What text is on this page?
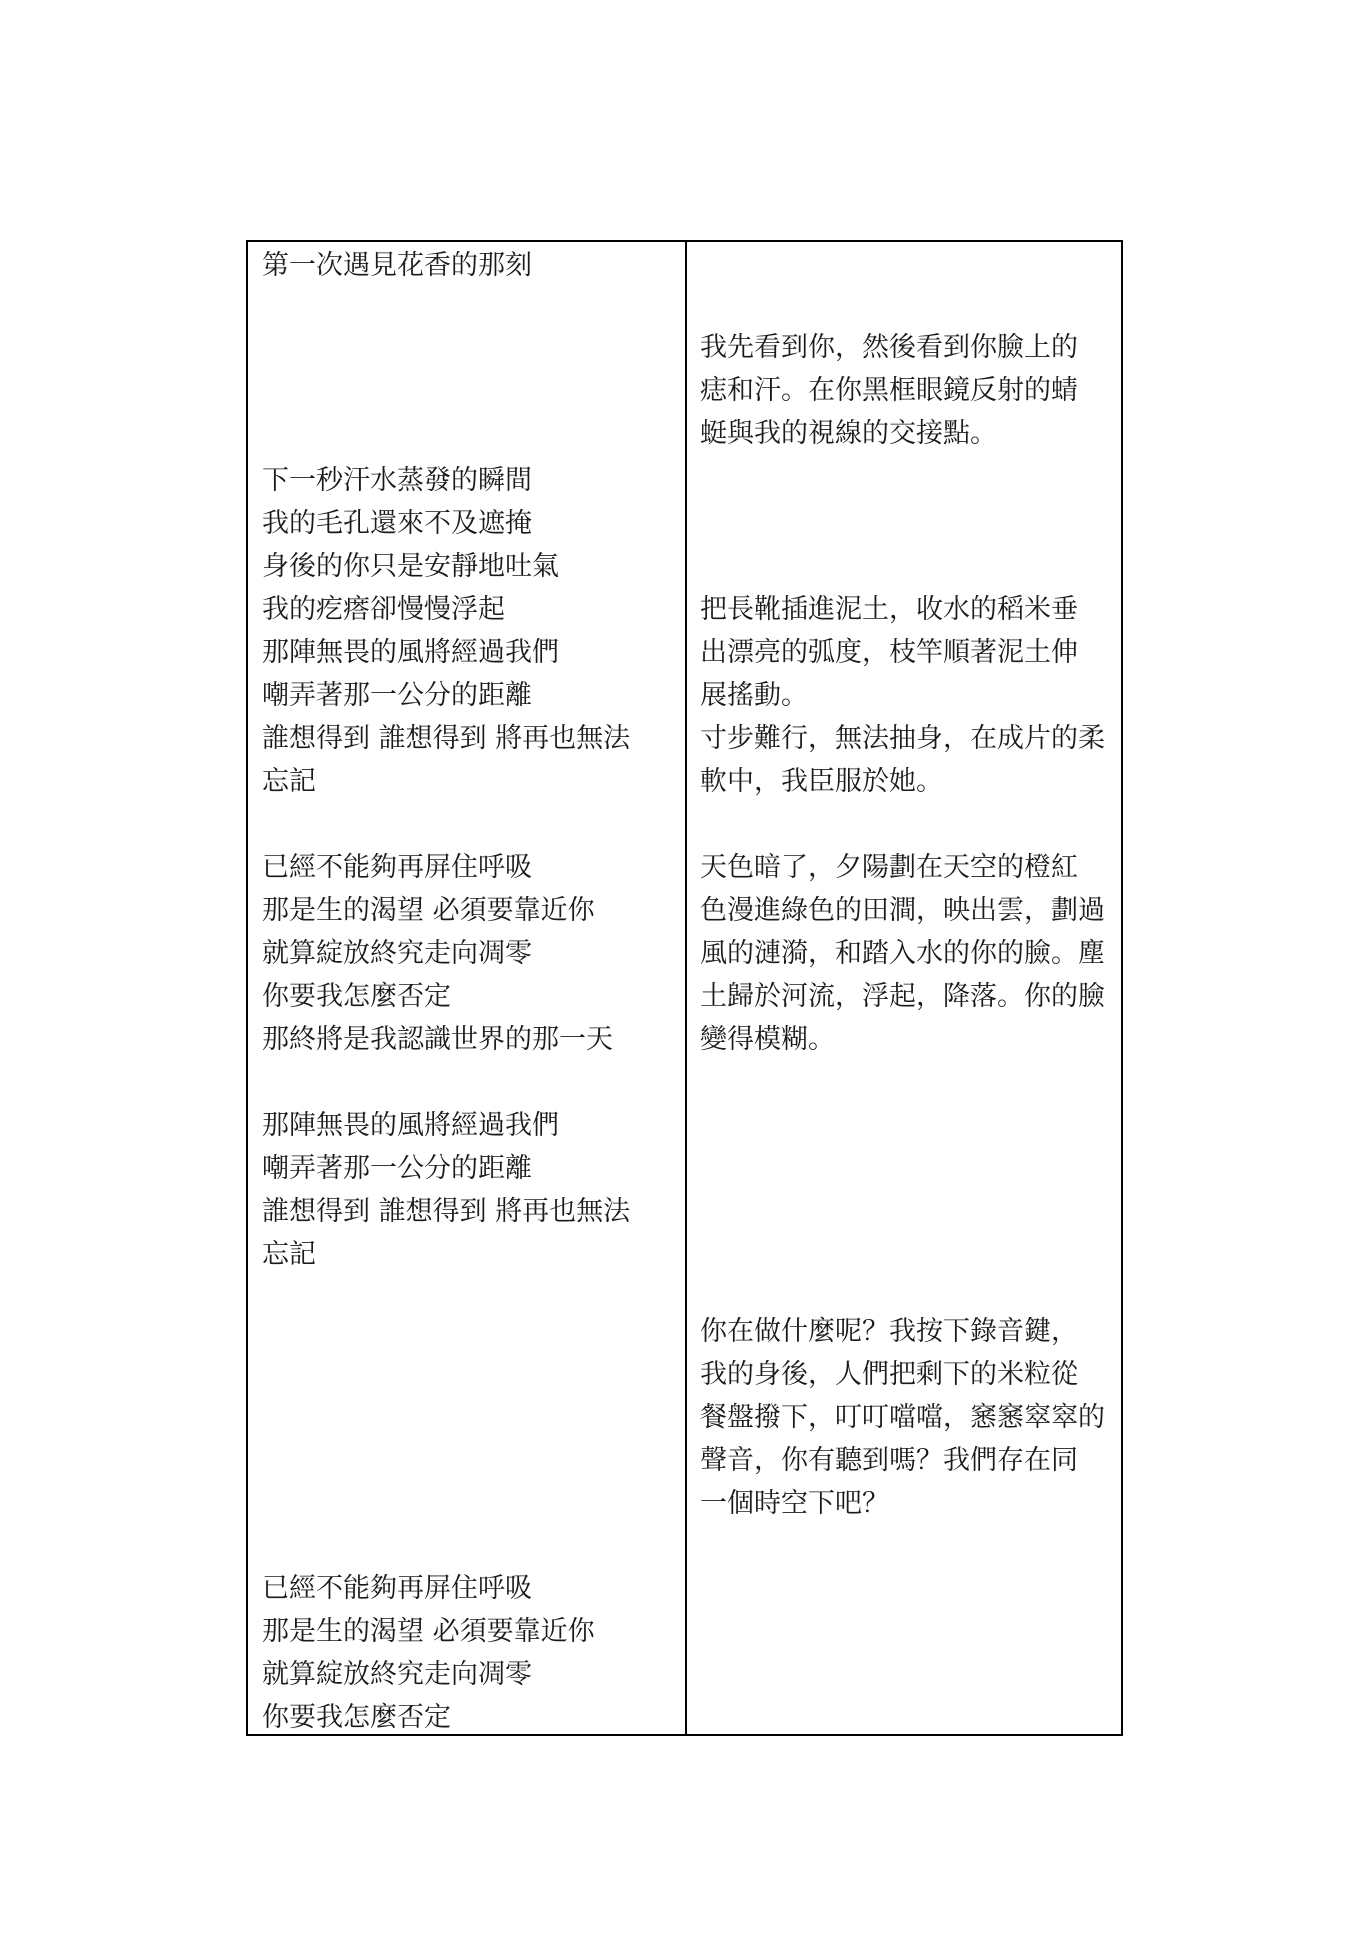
第一次遇見花香的那刻
下一秒汗水蒸發的瞬間
我的毛孔還來不及遮掩
身後的你只是安靜地吐氣
我的疙瘩卻慢慢浮起
那陣無畏的風將經過我們
嘲弄著那一公分的距離
誰想得到 誰想得到 將再也無法
忘記
已經不能夠再屏住呼吸
那是生的渴望 必須要靠近你
就算綻放終究走向凋零
你要我怎麼否定
那終將是我認識世界的那一天
那陣無畏的風將經過我們
嘲弄著那一公分的距離
誰想得到 誰想得到 將再也無法
忘記
已經不能夠再屏住呼吸
那是生的渴望 必須要靠近你
就算綻放終究走向凋零
你要我怎麼否定
我先看到你，然後看到你臉上的
痣和汗。在你黑框眼鏡反射的蜻
蜓與我的視線的交接點。
把長靴插進泥土，收水的稻米垂
出漂亮的弧度，枝竿順著泥土伸
展搖動。
寸步難行，無法抽身，在成片的柔
軟中，我臣服於她。
天色暗了，夕陽劃在天空的橙紅
色漫進綠色的田澗，映出雲，劃過
風的漣漪，和踏入水的你的臉。塵
土歸於河流，浮起，降落。你的臉
變得模糊。
你在做什麼呢？我按下錄音鍵，
我的身後，人們把剩下的米粒從
餐盤撥下，叮叮噹噹，窸窸窣窣的
聲音，你有聽到嗎？我們存在同
一個時空下吧？
